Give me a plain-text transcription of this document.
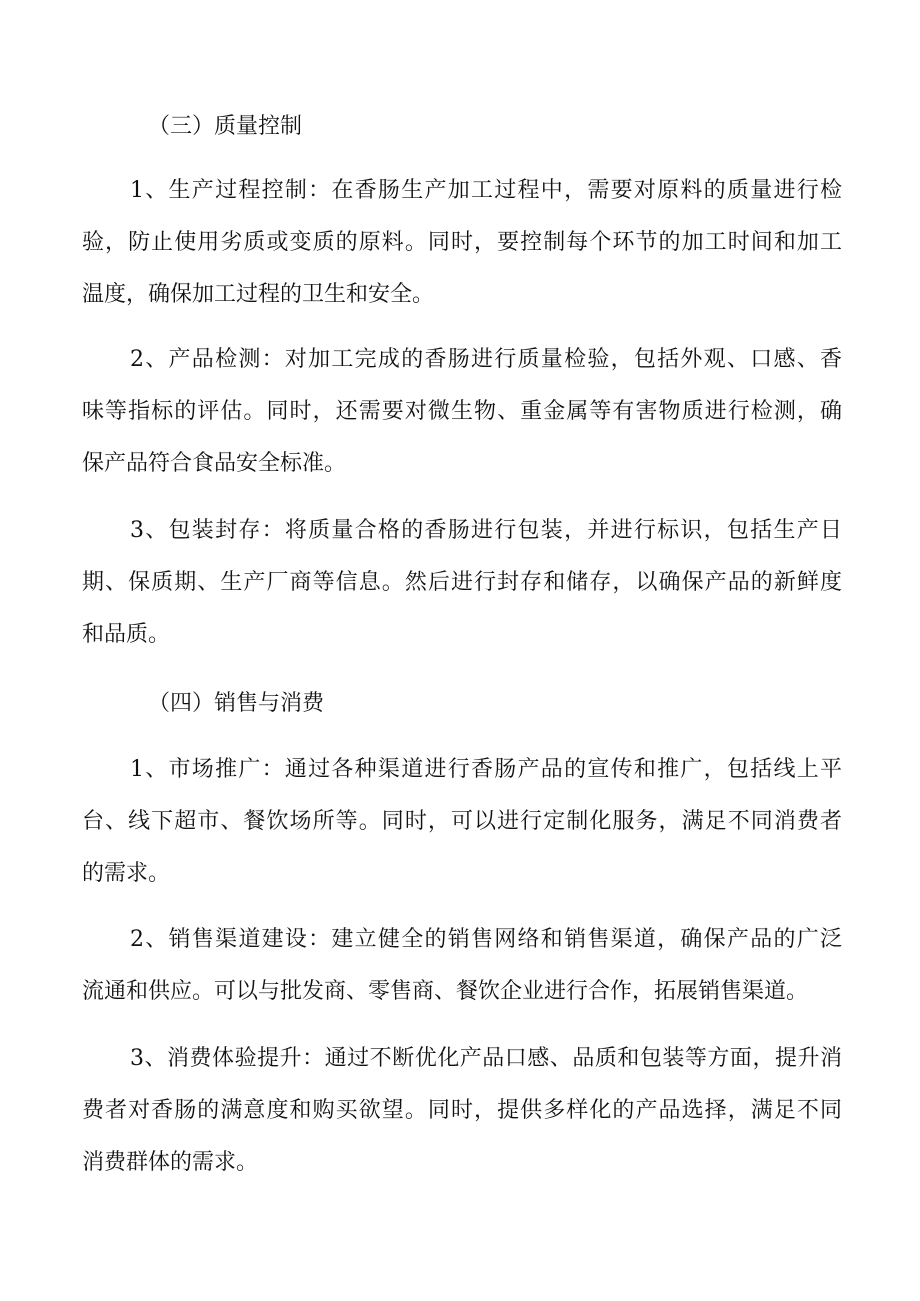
（三）质量控制
1、生产过程控制：在香肠生产加工过程中，需要对原料的质量进行检
验，防止使用劣质或变质的原料。同时，要控制每个环节的加工时间和加工
温度，确保加工过程的卫生和安全。
2、产品检测：对加工完成的香肠进行质量检验，包括外观、口感、香
味等指标的评估。同时，还需要对微生物、重金属等有害物质进行检测，确
保产品符合食品安全标准。
3、包装封存：将质量合格的香肠进行包装，并进行标识，包括生产日
期、保质期、生产厂商等信息。然后进行封存和储存，以确保产品的新鲜度
和品质。
（四）销售与消费
1、市场推广：通过各种渠道进行香肠产品的宣传和推广，包括线上平
台、线下超市、餐饮场所等。同时，可以进行定制化服务，满足不同消费者
的需求。
2、销售渠道建设：建立健全的销售网络和销售渠道，确保产品的广泛
流通和供应。可以与批发商、零售商、餐饮企业进行合作，拓展销售渠道。
3、消费体验提升：通过不断优化产品口感、品质和包装等方面，提升消
费者对香肠的满意度和购买欲望。同时，提供多样化的产品选择，满足不同
消费群体的需求。
